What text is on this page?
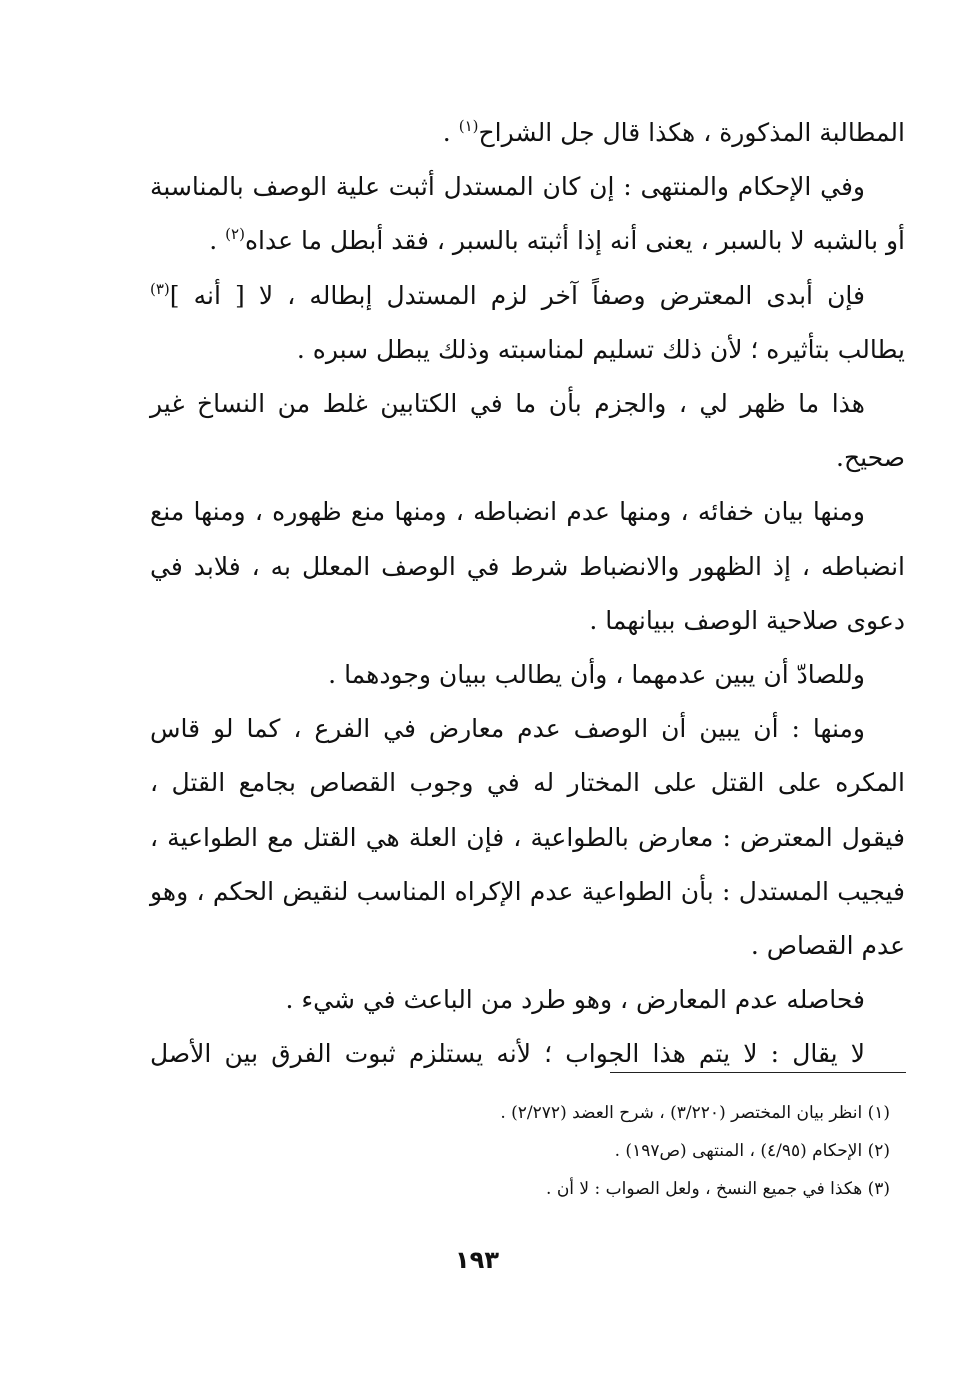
المطالبة المذكورة ، هكذا قال جل الشراح$^{(١)}$ .

وفي الإحكام والمنتهى : إن كان المستدل أثبت علية الوصف بالمناسبة أو بالشبه لا بالسبر ، يعنى أنه إذا أثبته بالسبر ، فقد أبطل ما عداه$^{(٢)}$ .

فإن أبدى المعترض وصفاً آخر لزم المستدل إبطاله ، لا [ أنه ]$^{(٣)}$ يطالب بتأثيره ؛ لأن ذلك تسليم لمناسبته وذلك يبطل سبره .

هذا ما ظهر لي ، والجزم بأن ما في الكتابين غلط من النساخ غير صحيح.

ومنها بيان خفائه ، ومنها عدم انضباطه ، ومنها منع ظهوره ، ومنها منع انضباطه ، إذ الظهور والانضباط شرط في الوصف المعلل به ، فلابد في دعوى صلاحية الوصف ببيانهما .

وللصادّ أن يبين عدمهما ، وأن يطالب ببيان وجودهما .

ومنها : أن يبين أن الوصف عدم معارض في الفرع ، كما لو قاس المكره على القتل على المختار له في وجوب القصاص بجامع القتل ، فيقول المعترض : معارض بالطواعية ، فإن العلة هي القتل مع الطواعية ، فيجيب المستدل : بأن الطواعية عدم الإكراه المناسب لنقيض الحكم ، وهو عدم القصاص .

فحاصله عدم المعارض ، وهو طرد من الباعث في شيء .

لا يقال : لا يتم هذا الجواب ؛ لأنه يستلزم ثبوت الفرق بين الأصل

(١) انظر بيان المختصر (٣/٢٢٠) ، شرح العضد (٢/٢٧٢) .
(٢) الإحكام (٤/٩٥) ، المنتهى (ص١٩٧) .
(٣) هكذا في جميع النسخ ، ولعل الصواب : لا أن .
١٩٣
